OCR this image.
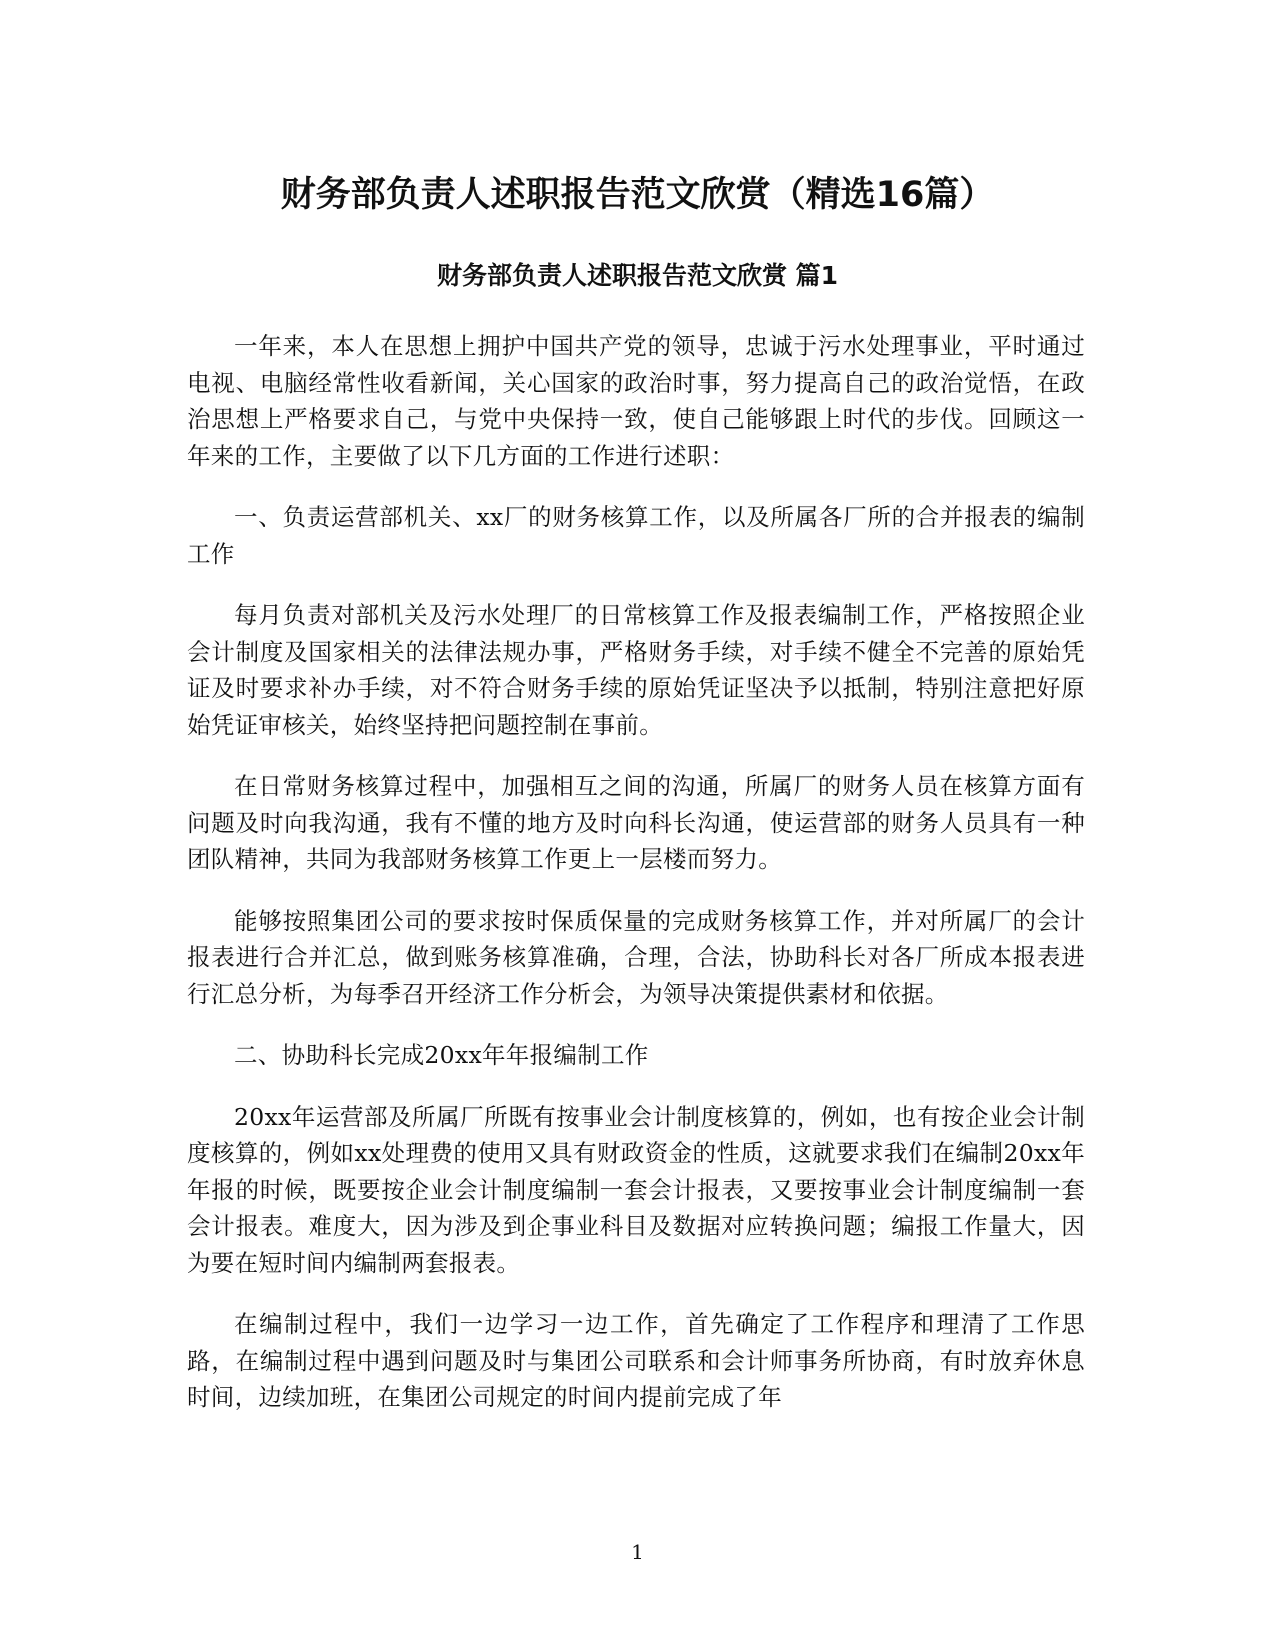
财务部负责人述职报告范文欣赏（精选16篇）
财务部负责人述职报告范文欣赏 篇1

一年来，本人在思想上拥护中国共产党的领导，忠诚于污水处理事业，平时通过电视、电脑经常性收看新闻，关心国家的政治时事，努力提高自己的政治觉悟，在政治思想上严格要求自己，与党中央保持一致，使自己能够跟上时代的步伐。回顾这一年来的工作，主要做了以下几方面的工作进行述职：

一、负责运营部机关、xx厂的财务核算工作，以及所属各厂所的合并报表的编制工作

每月负责对部机关及污水处理厂的日常核算工作及报表编制工作，严格按照企业会计制度及国家相关的法律法规办事，严格财务手续，对手续不健全不完善的原始凭证及时要求补办手续，对不符合财务手续的原始凭证坚决予以抵制，特别注意把好原始凭证审核关，始终坚持把问题控制在事前。

在日常财务核算过程中，加强相互之间的沟通，所属厂的财务人员在核算方面有问题及时向我沟通，我有不懂的地方及时向科长沟通，使运营部的财务人员具有一种团队精神，共同为我部财务核算工作更上一层楼而努力。

能够按照集团公司的要求按时保质保量的完成财务核算工作，并对所属厂的会计报表进行合并汇总，做到账务核算准确，合理，合法，协助科长对各厂所成本报表进行汇总分析，为每季召开经济工作分析会，为领导决策提供素材和依据。

二、协助科长完成20xx年年报编制工作

20xx年运营部及所属厂所既有按事业会计制度核算的，例如，也有按企业会计制度核算的，例如xx处理费的使用又具有财政资金的性质，这就要求我们在编制20xx年年报的时候，既要按企业会计制度编制一套会计报表，又要按事业会计制度编制一套会计报表。难度大，因为涉及到企事业科目及数据对应转换问题；编报工作量大，因为要在短时间内编制两套报表。

在编制过程中，我们一边学习一边工作，首先确定了工作程序和理清了工作思路，在编制过程中遇到问题及时与集团公司联系和会计师事务所协商，有时放弃休息时间，边续加班，在集团公司规定的时间内提前完成了年

1
